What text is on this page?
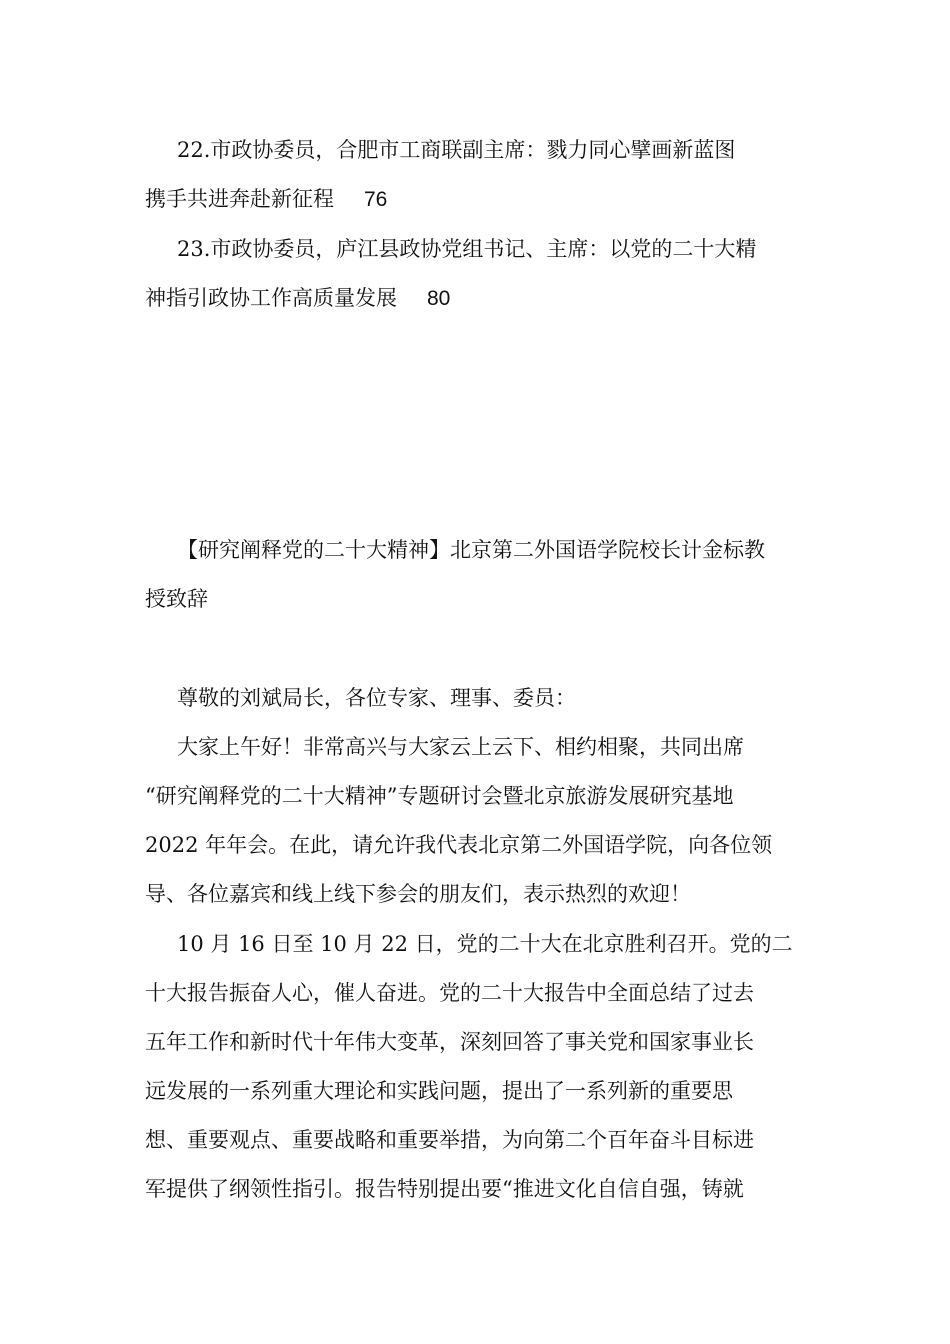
22.市政协委员，合肥市工商联副主席：戮力同心擘画新蓝图
携手共进奔赴新征程 76
23.市政协委员，庐江县政协党组书记、主席：以党的二十大精
神指引政协工作高质量发展 80
【研究阐释党的二十大精神】北京第二外国语学院校长计金标教
授致辞
尊敬的刘斌局长，各位专家、理事、委员：
大家上午好！非常高兴与大家云上云下、相约相聚，共同出席
“研究阐释党的二十大精神”专题研讨会暨北京旅游发展研究基地
2022 年年会。在此，请允许我代表北京第二外国语学院，向各位领
导、各位嘉宾和线上线下参会的朋友们，表示热烈的欢迎！
10 月 16 日至 10 月 22 日，党的二十大在北京胜利召开。党的二
十大报告振奋人心，催人奋进。党的二十大报告中全面总结了过去
五年工作和新时代十年伟大变革，深刻回答了事关党和国家事业长
远发展的一系列重大理论和实践问题，提出了一系列新的重要思
想、重要观点、重要战略和重要举措，为向第二个百年奋斗目标进
军提供了纲领性指引。报告特别提出要“推进文化自信自强，铸就
